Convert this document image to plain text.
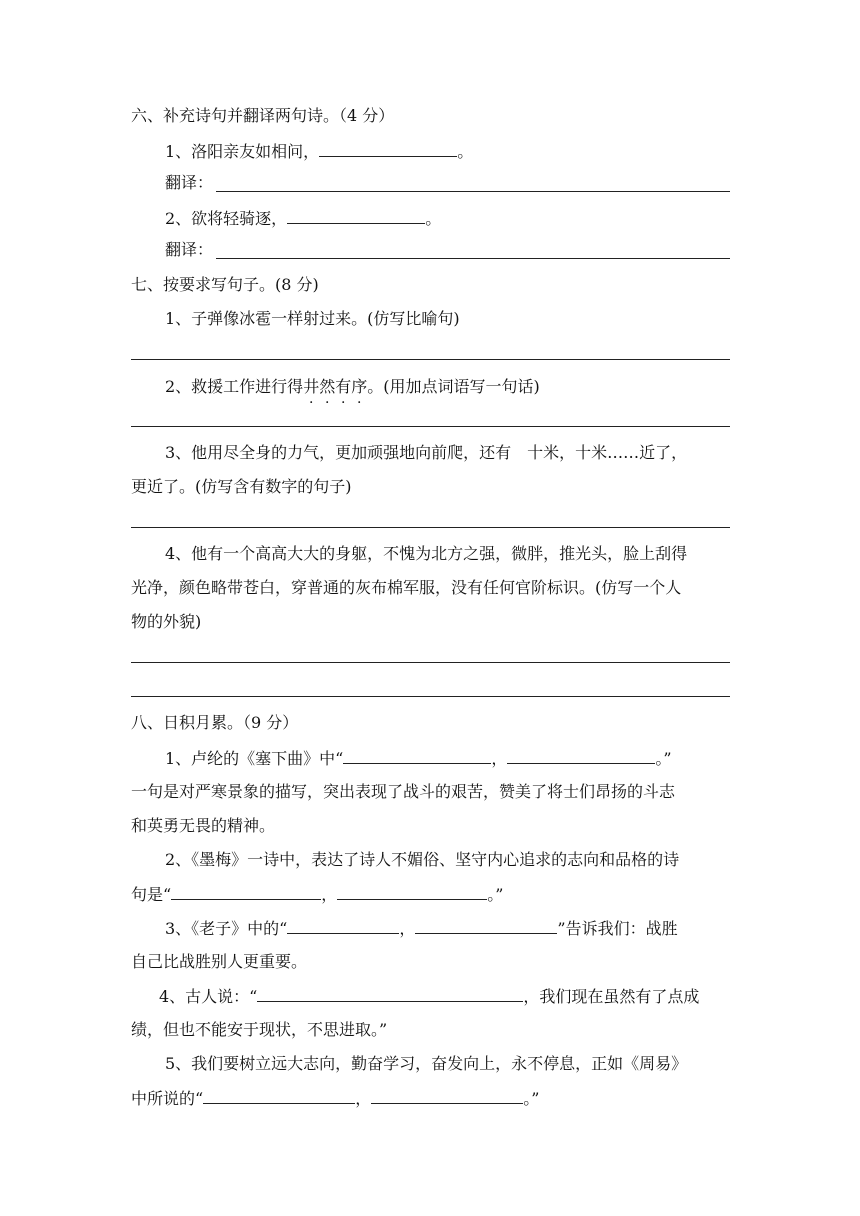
六、补充诗句并翻译两句诗。（4 分）
1、洛阳亲友如相问，	。
翻译：
2、欲将轻骑逐，	。
翻译：
七、按要求写句子。(8 分)
1、子弹像冰雹一样射过来。(仿写比喻句)
2、救援工作进行得井然有序。(用加点词语写一句话)
3、他用尽全身的力气，更加顽强地向前爬，还有　十米，十米……近了，
更近了。(仿写含有数字的句子)
4、他有一个高高大大的身躯，不愧为北方之强，微胖，推光头，脸上刮得
光净，颜色略带苍白，穿普通的灰布棉军服，没有任何官阶标识。(仿写一个人
物的外貌)
八、日积月累。（9 分）
1、卢纶的《塞下曲》中“	，	。”
一句是对严寒景象的描写，突出表现了战斗的艰苦，赞美了将士们昂扬的斗志
和英勇无畏的精神。
2、《墨梅》一诗中，表达了诗人不媚俗、坚守内心追求的志向和品格的诗
句是“	，	。”
3、《老子》中的“	，	”告诉我们：战胜
自己比战胜别人更重要。
4、古人说：“	，我们现在虽然有了点成
绩，但也不能安于现状，不思进取。”
5、我们要树立远大志向，勤奋学习，奋发向上，永不停息，正如《周易》
中所说的“	，	。”
